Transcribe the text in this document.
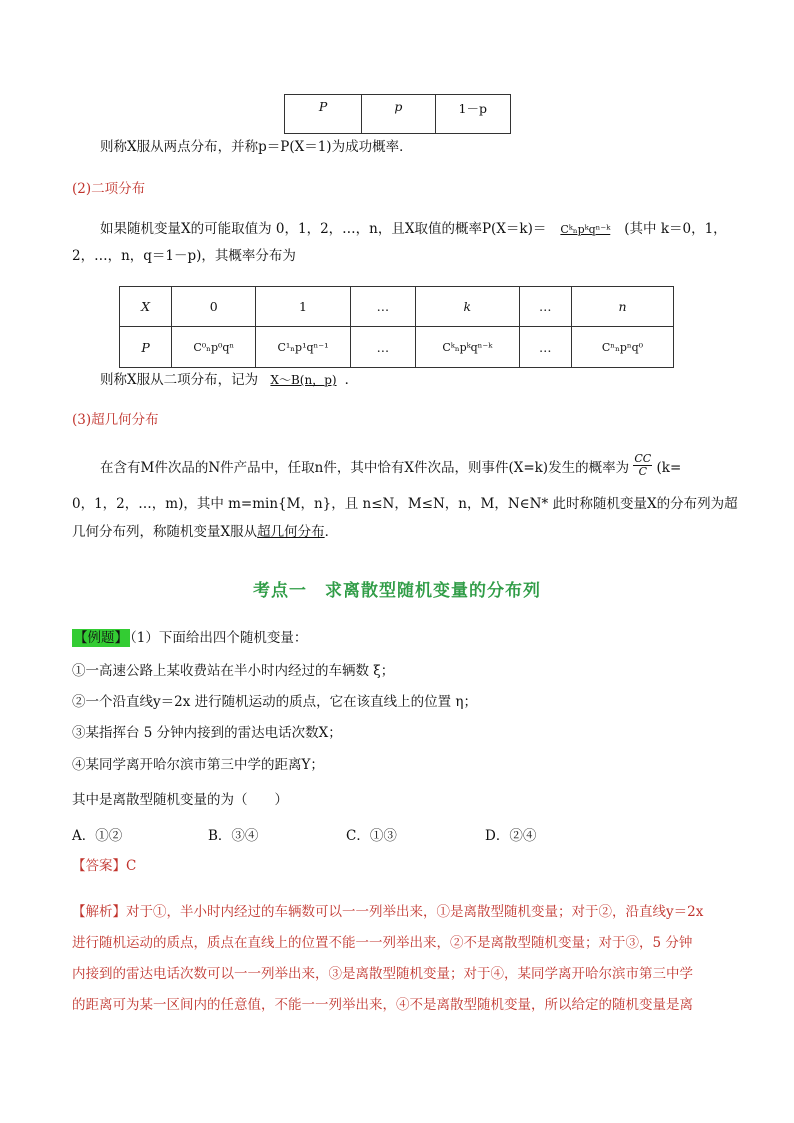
P	p	1－p
则称X服从两点分布，并称p＝P(X＝1)为成功概率．
(2)二项分布
如果随机变量X的可能取值为 0，1，2，…，n，且X取值的概率P(X＝k)＝ Cᵏₙpᵏqⁿ⁻ᵏ (其中 k＝0，1，
2，…，n，q＝1－p)，其概率分布为
X	0	1	…	k	…	n
P	C⁰ₙp⁰qⁿ	C¹ₙp¹qⁿ⁻¹	…	Cᵏₙpᵏqⁿ⁻ᵏ	…	Cⁿₙpⁿq⁰
则称X服从二项分布，记为 X～B(n，p) ．
(3)超几何分布
在含有M件次品的N件产品中，任取n件，其中恰有X件次品，则事件(X=k)发生的概率为 $\frac{CC}{C} (k=$
0，1，2，…，m)，其中 m=min{M，n}，且 n≤N，M≤N，n，M，N∈N* 此时称随机变量X的分布列为超
几何分布列，称随机变量X服从超几何分布．
考点一　求离散型随机变量的分布列
【例题】 （1）下面给出四个随机变量：
①一高速公路上某收费站在半小时内经过的车辆数 ξ；
②一个沿直线y＝2x 进行随机运动的质点，它在该直线上的位置 η；
③某指挥台 5 分钟内接到的雷达电话次数X；
④某同学离开哈尔滨市第三中学的距离Y；
其中是离散型随机变量的为（　　）
A．①②	B．③④	C．①③	D．②④
【答案】C
【解析】对于①，半小时内经过的车辆数可以一一列举出来，①是离散型随机变量；对于②，沿直线y＝2x
进行随机运动的质点，质点在直线上的位置不能一一列举出来，②不是离散型随机变量；对于③，5 分钟
内接到的雷达电话次数可以一一列举出来，③是离散型随机变量；对于④，某同学离开哈尔滨市第三中学
的距离可为某一区间内的任意值，不能一一列举出来，④不是离散型随机变量，所以给定的随机变量是离
